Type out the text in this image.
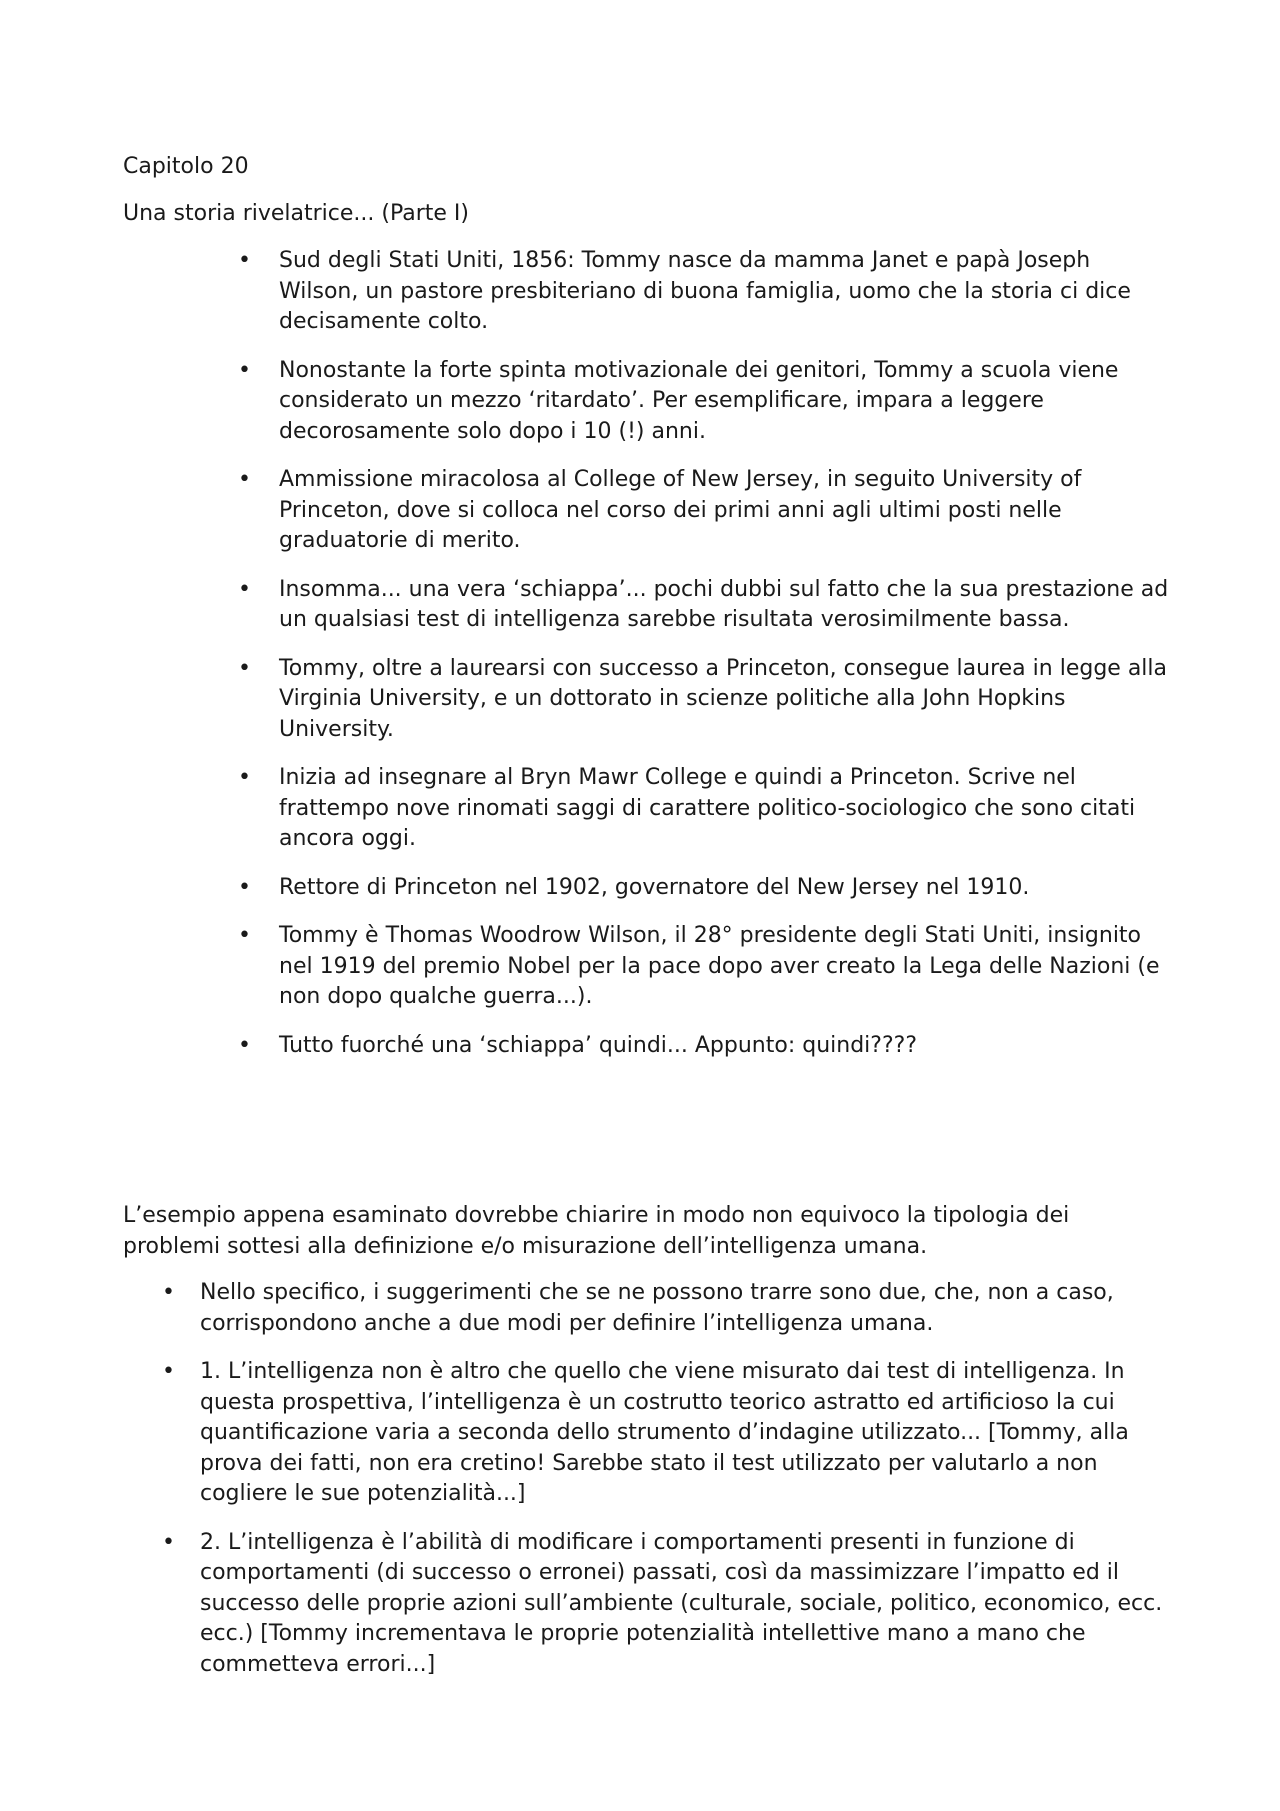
Capitolo 20
Una storia rivelatrice... (Parte I)
• Sud degli Stati Uniti, 1856: Tommy nasce da mamma Janet e papà Joseph Wilson, un pastore presbiteriano di buona famiglia, uomo che la storia ci dice decisamente colto.
• Nonostante la forte spinta motivazionale dei genitori, Tommy a scuola viene considerato un mezzo ‘ritardato’. Per esemplificare, impara a leggere decorosamente solo dopo i 10 (!) anni.
• Ammissione miracolosa al College of New Jersey, in seguito University of Princeton, dove si colloca nel corso dei primi anni agli ultimi posti nelle graduatorie di merito.
• Insomma... una vera ‘schiappa’... pochi dubbi sul fatto che la sua prestazione ad un qualsiasi test di intelligenza sarebbe risultata verosimilmente bassa.
• Tommy, oltre a laurearsi con successo a Princeton, consegue laurea in legge alla Virginia University, e un dottorato in scienze politiche alla John Hopkins University.
• Inizia ad insegnare al Bryn Mawr College e quindi a Princeton. Scrive nel frattempo nove rinomati saggi di carattere politico-sociologico che sono citati ancora oggi.
• Rettore di Princeton nel 1902, governatore del New Jersey nel 1910.
• Tommy è Thomas Woodrow Wilson, il 28° presidente degli Stati Uniti, insignito nel 1919 del premio Nobel per la pace dopo aver creato la Lega delle Nazioni (e non dopo qualche guerra...).
• Tutto fuorché una ‘schiappa’ quindi... Appunto: quindi????

L’esempio appena esaminato dovrebbe chiarire in modo non equivoco la tipologia dei problemi sottesi alla definizione e/o misurazione dell’intelligenza umana.

• Nello specifico, i suggerimenti che se ne possono trarre sono due, che, non a caso, corrispondono anche a due modi per definire l’intelligenza umana.
• 1. L’intelligenza non è altro che quello che viene misurato dai test di intelligenza. In questa prospettiva, l’intelligenza è un costrutto teorico astratto ed artificioso la cui quantificazione varia a seconda dello strumento d’indagine utilizzato... [Tommy, alla prova dei fatti, non era cretino! Sarebbe stato il test utilizzato per valutarlo a non cogliere le sue potenzialità...]
• 2. L’intelligenza è l’abilità di modificare i comportamenti presenti in funzione di comportamenti (di successo o erronei) passati, così da massimizzare l’impatto ed il successo delle proprie azioni sull’ambiente (culturale, sociale, politico, economico, ecc. ecc.) [Tommy incrementava le proprie potenzialità intellettive mano a mano che commetteva errori...]
